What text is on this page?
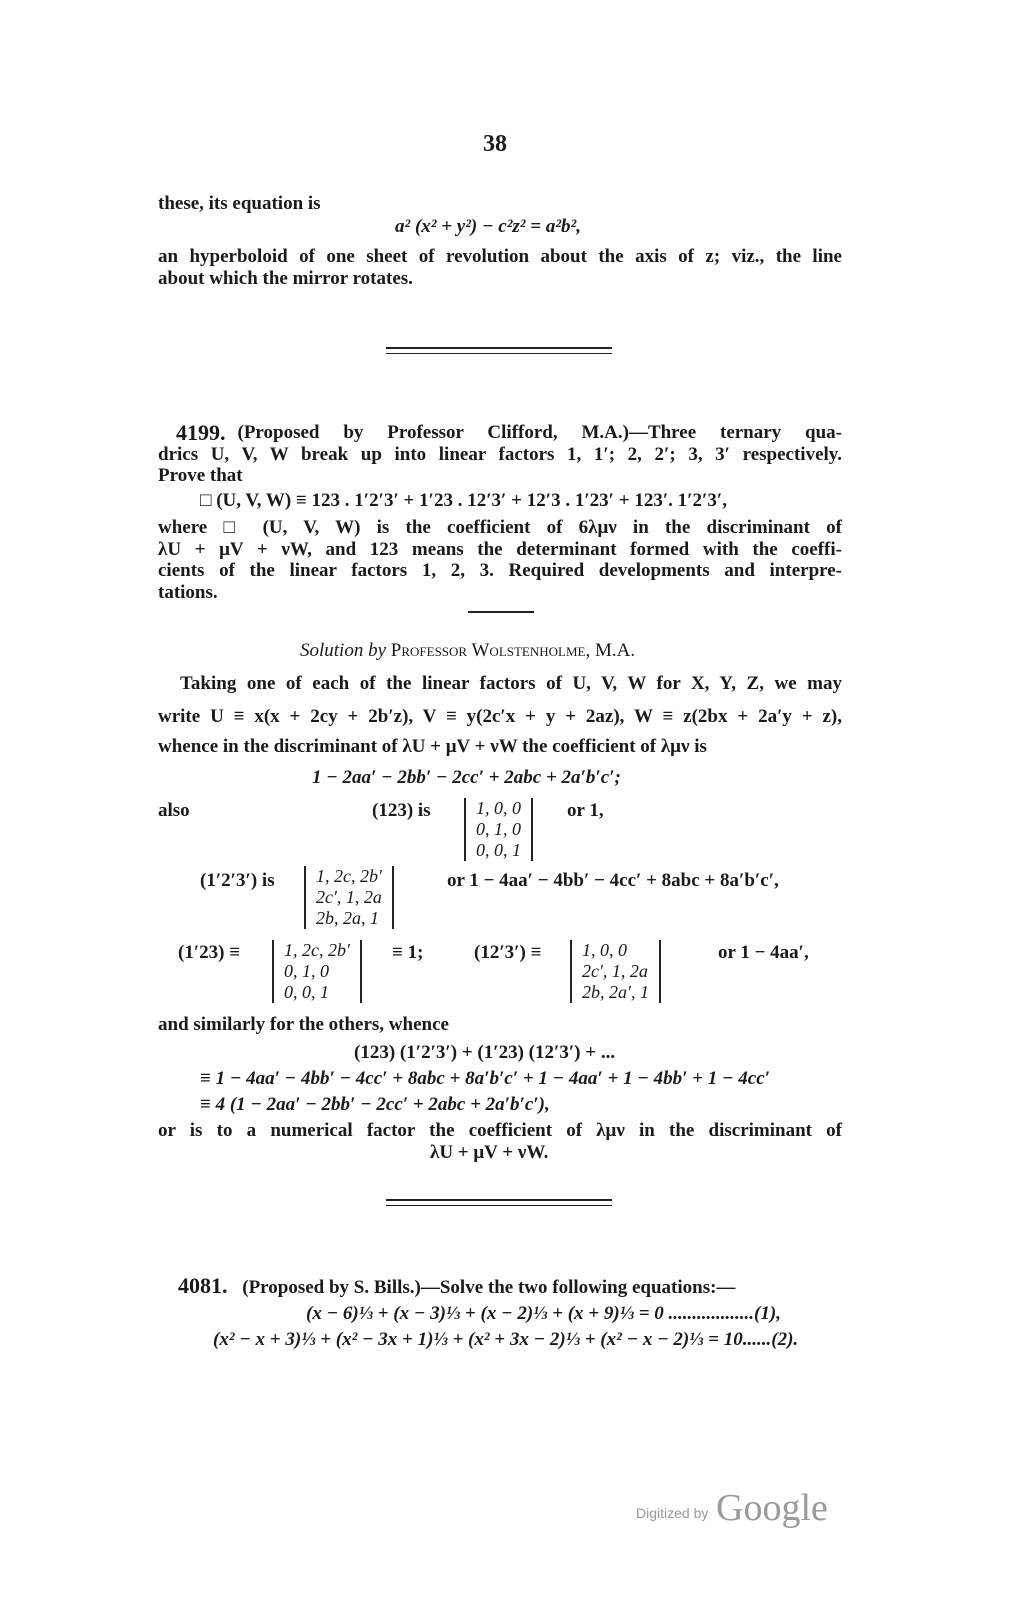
38
these, its equation is
a² (x² + y²) − c²z² = a²b²,
an hyperboloid of one sheet of revolution about the axis of z; viz., the line
about which the mirror rotates.
4199. (Proposed by Professor Clifford, M.A.)—Three ternary qua-
drics U, V, W break up into linear factors 1, 1′; 2, 2′; 3, 3′ respectively.
Prove that
□ (U, V, W) ≡ 123 . 1′2′3′ + 1′23 . 12′3′ + 12′3 . 1′23′ + 123′. 1′2′3′,
where □ (U, V, W) is the coefficient of 6λμν in the discriminant of
λU + μV + νW, and 123 means the determinant formed with the coeffi-
cients of the linear factors 1, 2, 3. Required developments and interpre-
tations.
Solution by Professor Wolstenholme, M.A.
Taking one of each of the linear factors of U, V, W for X, Y, Z, we may
write U ≡ x(x + 2cy + 2b′z), V ≡ y(2c′x + y + 2az), W ≡ z(2bx + 2a′y + z),
whence in the discriminant of λU + μV + νW the coefficient of λμν is
1 − 2aa′ − 2bb′ − 2cc′ + 2abc + 2a′b′c′;
also	(123) is	1, 0, 0
0, 1, 0
0, 0, 1
or 1,
(1′2′3′) is 1, 2c, 2b′
2c′, 1, 2a
2b, 2a, 1
or 1 − 4aa′ − 4bb′ − 4cc′ + 8abc + 8a′b′c′,
(1′23) ≡ 1, 2c, 2b′
0, 1, 0
0, 0, 1
≡ 1;	(12′3′) ≡ 1, 0, 0
2c′, 1, 2a
2b, 2a′, 1
or 1 − 4aa′,
and similarly for the others, whence
(123) (1′2′3′) + (1′23) (12′3′) + ...
≡ 1 − 4aa′ − 4bb′ − 4cc′ + 8abc + 8a′b′c′ + 1 − 4aa′ + 1 − 4bb′ + 1 − 4cc′
≡ 4 (1 − 2aa′ − 2bb′ − 2cc′ + 2abc + 2a′b′c′),
or is to a numerical factor the coefficient of λμν in the discriminant of
λU + μV + νW.
4081. (Proposed by S. Bills.)—Solve the two following equations:—
(x − 6)⅓ + (x − 3)⅓ + (x − 2)⅓ + (x + 9)⅓ = 0 ..................(1),
(x² − x + 3)⅓ + (x² − 3x + 1)⅓ + (x² + 3x − 2)⅓ + (x² − x − 2)⅓ = 10......(2).
Digitized by Google
